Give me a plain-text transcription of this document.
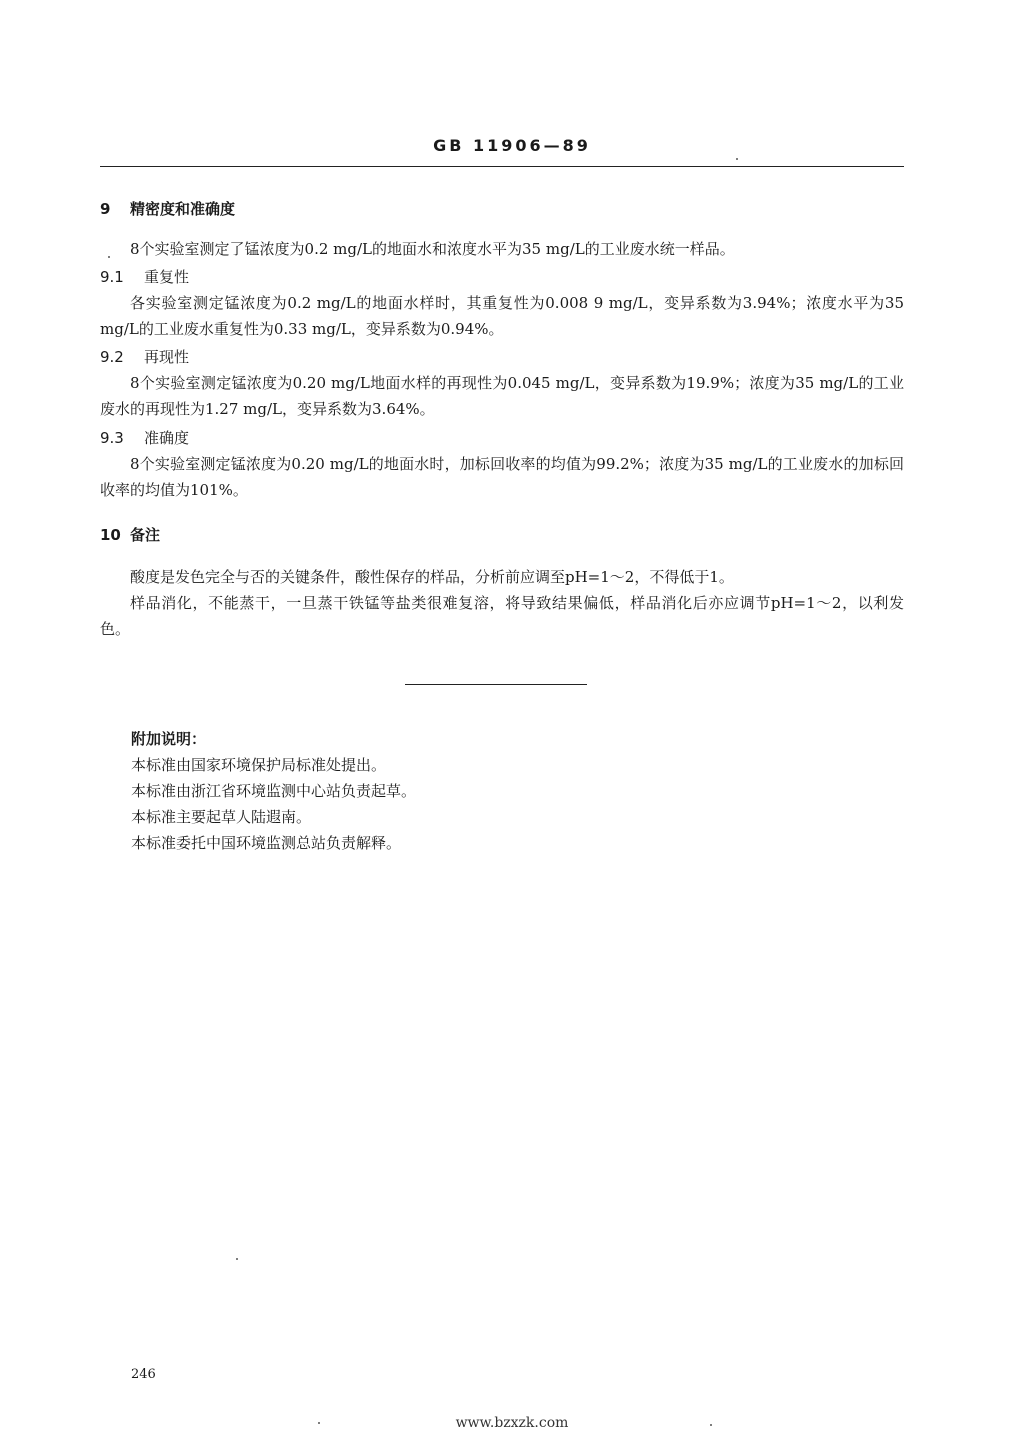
GB 11906—89
9 精密度和准确度

8个实验室测定了锰浓度为0.2 mg/L的地面水和浓度水平为35 mg/L的工业废水统一样品。

9.1 重复性

各实验室测定锰浓度为0.2 mg/L的地面水样时，其重复性为0.008 9 mg/L，变异系数为3.94%；浓度水平为35 mg/L的工业废水重复性为0.33 mg/L，变异系数为0.94%。

9.2 再现性

8个实验室测定锰浓度为0.20 mg/L地面水样的再现性为0.045 mg/L，变异系数为19.9%；浓度为35 mg/L的工业废水的再现性为1.27 mg/L，变异系数为3.64%。

9.3 准确度

8个实验室测定锰浓度为0.20 mg/L的地面水时，加标回收率的均值为99.2%；浓度为35 mg/L的工业废水的加标回收率的均值为101%。

10 备注

酸度是发色完全与否的关键条件，酸性保存的样品，分析前应调至pH=1～2，不得低于1。

样品消化，不能蒸干，一旦蒸干铁锰等盐类很难复溶，将导致结果偏低，样品消化后亦应调节pH=1～2，以利发色。

附加说明：
本标准由国家环境保护局标准处提出。
本标准由浙江省环境监测中心站负责起草。
本标准主要起草人陆遐南。
本标准委托中国环境监测总站负责解释。
246
www.bzxzk.com
